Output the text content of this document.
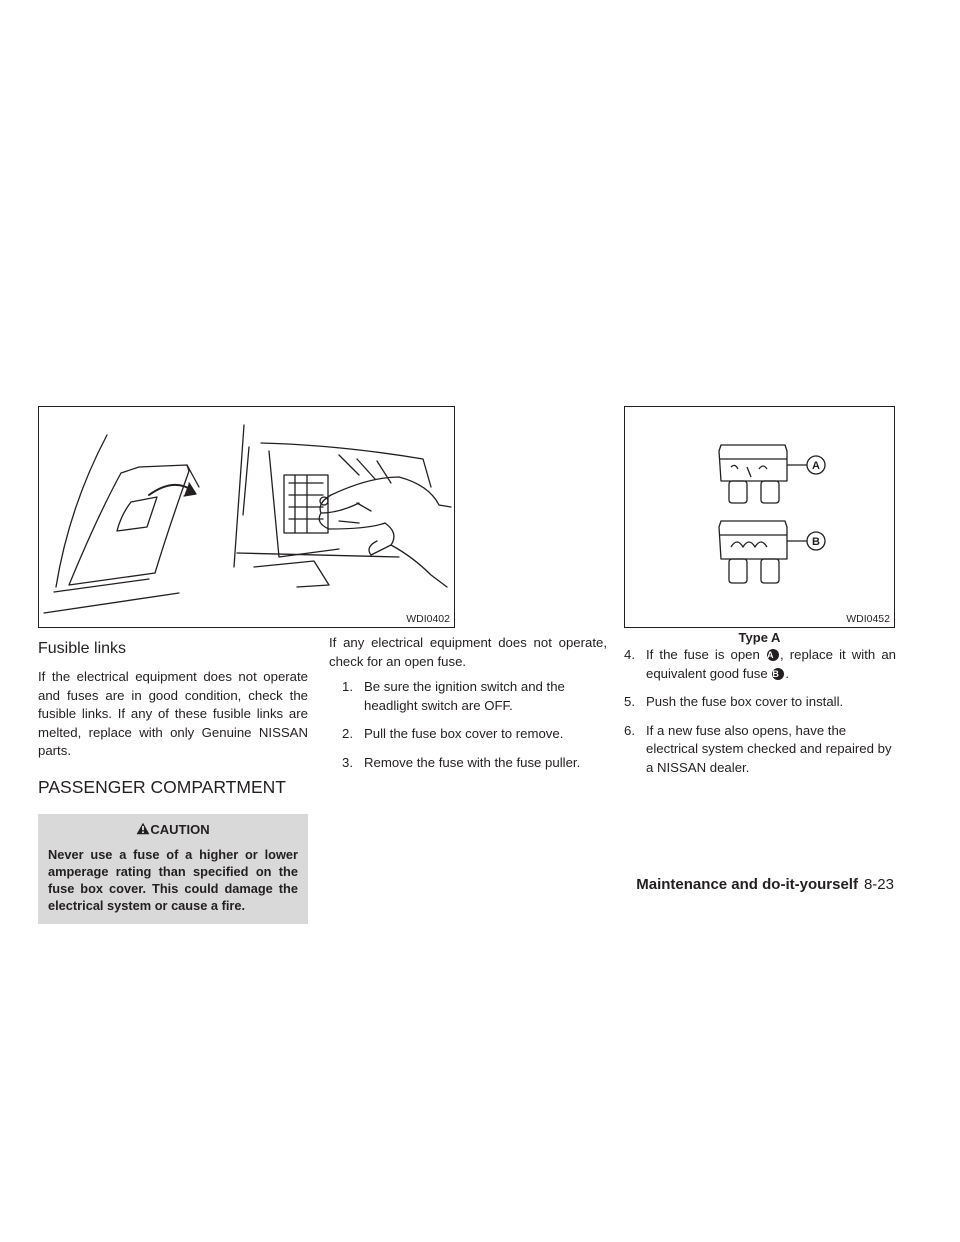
WDI0402
A
B
WDI0452
Type A
Fusible links

If the electrical equipment does not operate and fuses are in good condition, check the fusible links. If any of these fusible links are melted, replace with only Genuine NISSAN parts.

PASSENGER COMPARTMENT
CAUTION

Never use a fuse of a higher or lower amperage rating than specified on the fuse box cover. This could damage the electrical system or cause a fire.

If any electrical equipment does not operate, check for an open fuse.

1. Be sure the ignition switch and the headlight switch are OFF.
2. Pull the fuse box cover to remove.
3. Remove the fuse with the fuse puller.
4. If the fuse is open A , replace it with an equivalent good fuse B .
5. Push the fuse box cover to install.
6. If a new fuse also opens, have the electrical system checked and repaired by a NISSAN dealer.
Maintenance and do-it-yourself 8-23
